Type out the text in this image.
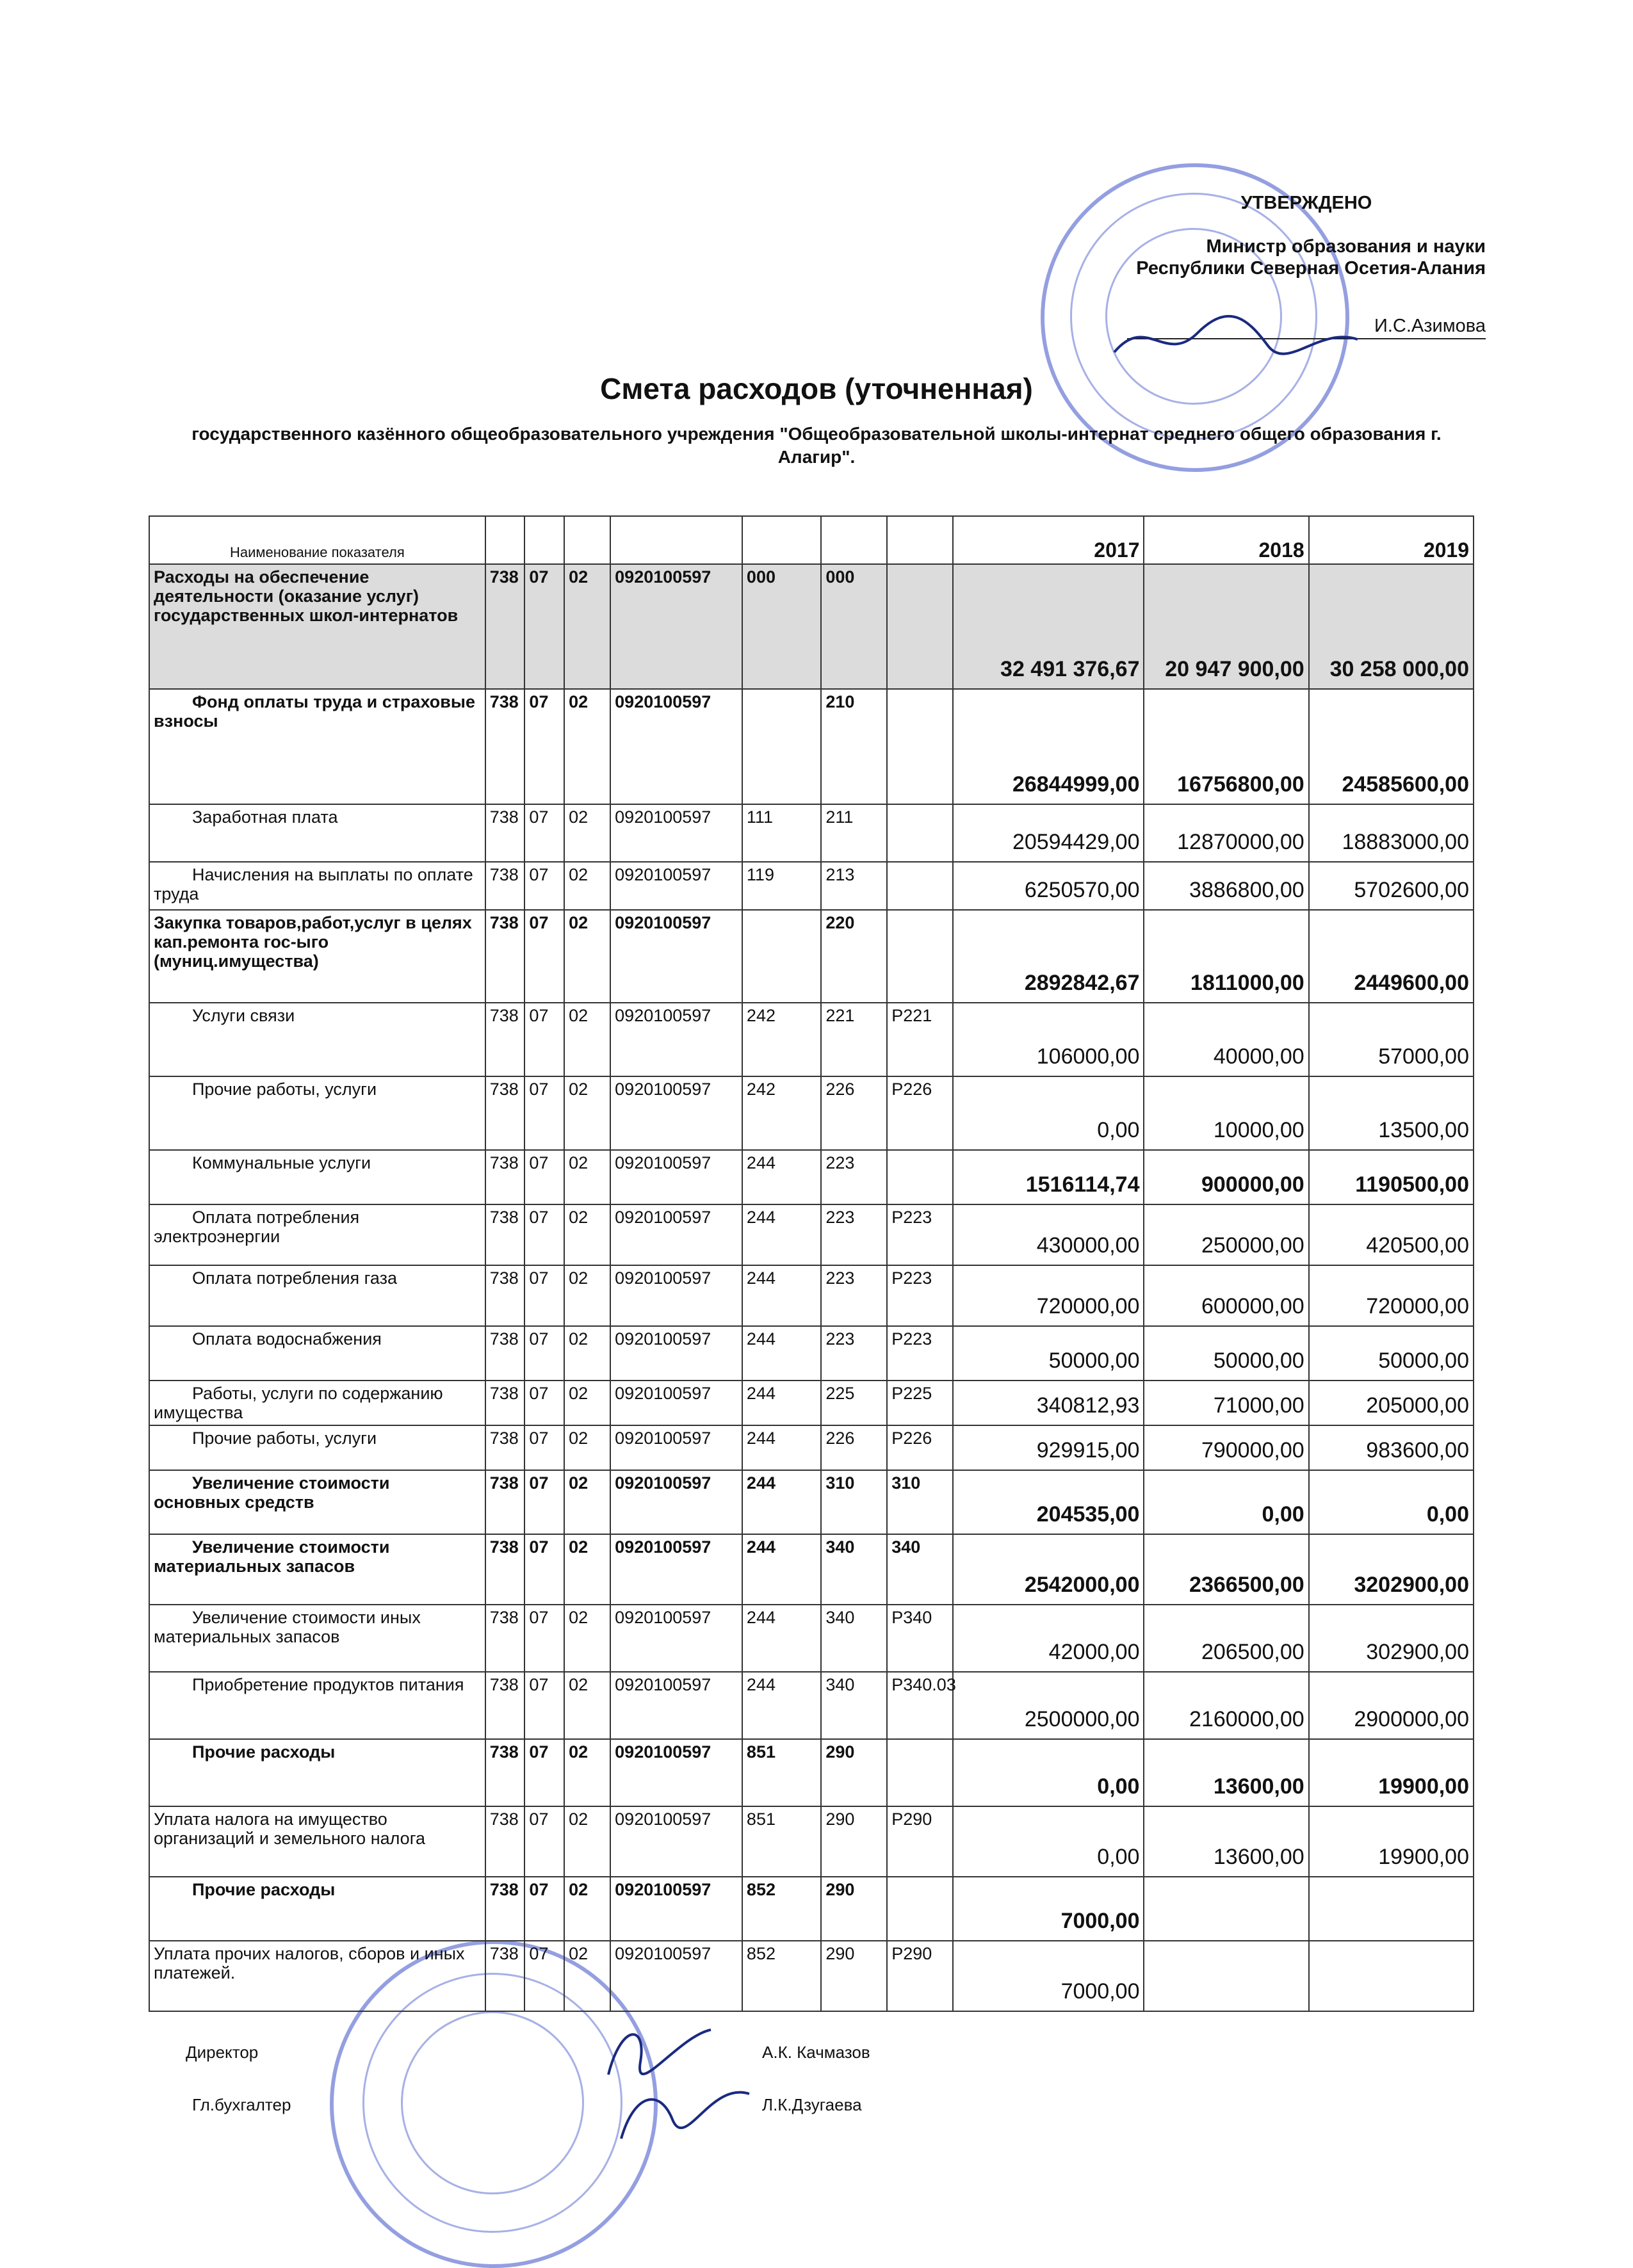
УТВЕРЖДЕНО
Министр образования и науки
Республики Северная Осетия-Алания
И.С.Азимова
Смета расходов (уточненная)
государственного казённого общеобразовательного учреждения "Общеобразовательной школы-интернат среднего общего образования г. Алагир".
Наименование показателя								2017	2018	2019
Расходы на обеспечение деятельности (оказание услуг) государственных школ-интернатов	738	07	02	0920100597	000	000		32 491 376,67	20 947 900,00	30 258 000,00
Фонд оплаты труда и страховые взносы	738	07	02	0920100597		210		26844999,00	16756800,00	24585600,00
Заработная плата	738	07	02	0920100597	111	211		20594429,00	12870000,00	18883000,00
Начисления на выплаты по оплате труда	738	07	02	0920100597	119	213		6250570,00	3886800,00	5702600,00
Закупка товаров,работ,услуг в целях кап.ремонта гос-ыго (муниц.имущества)	738	07	02	0920100597		220		2892842,67	1811000,00	2449600,00
Услуги связи	738	07	02	0920100597	242	221	Р221	106000,00	40000,00	57000,00
Прочие работы, услуги	738	07	02	0920100597	242	226	Р226	0,00	10000,00	13500,00
Коммунальные услуги	738	07	02	0920100597	244	223		1516114,74	900000,00	1190500,00
Оплата потребления электроэнергии	738	07	02	0920100597	244	223	Р223	430000,00	250000,00	420500,00
Оплата потребления газа	738	07	02	0920100597	244	223	Р223	720000,00	600000,00	720000,00
Оплата водоснабжения	738	07	02	0920100597	244	223	Р223	50000,00	50000,00	50000,00
Работы, услуги по содержанию имущества	738	07	02	0920100597	244	225	Р225	340812,93	71000,00	205000,00
Прочие работы, услуги	738	07	02	0920100597	244	226	Р226	929915,00	790000,00	983600,00
Увеличение стоимости основных средств	738	07	02	0920100597	244	310	310	204535,00	0,00	0,00
Увеличение стоимости материальных запасов	738	07	02	0920100597	244	340	340	2542000,00	2366500,00	3202900,00
Увеличение стоимости иных материальных запасов	738	07	02	0920100597	244	340	Р340	42000,00	206500,00	302900,00
Приобретение продуктов питания	738	07	02	0920100597	244	340	Р340.03	2500000,00	2160000,00	2900000,00
Прочие расходы	738	07	02	0920100597	851	290		0,00	13600,00	19900,00
Уплата налога на имущество организаций и земельного налога	738	07	02	0920100597	851	290	Р290	0,00	13600,00	19900,00
Прочие расходы	738	07	02	0920100597	852	290		7000,00		
Уплата прочих налогов, сборов и иных платежей.	738	07	02	0920100597	852	290	Р290	7000,00		
Директор	А.К. Качмазов
Гл.бухгалтер	Л.К.Дзугаева
